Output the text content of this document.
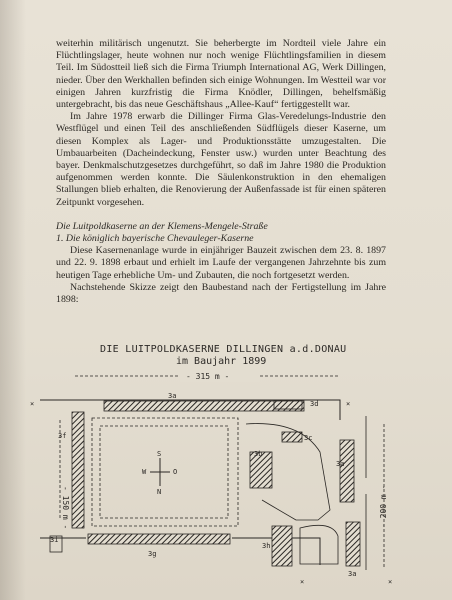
weiterhin militärisch ungenutzt. Sie beherbergte im Nordteil viele Jahre ein Flüchtlingslager, heute wohnen nur noch wenige Flüchtlingsfamilien in diesem Teil. Im Südostteil ließ sich die Firma Triumph International AG, Werk Dillingen, nieder. Über den Werkhallen befinden sich einige Wohnungen. Im Westteil war vor einigen Jahren kurzfristig die Firma Knödler, Dillingen, behelfsmäßig untergebracht, bis das neue Geschäftshaus „Allee-Kauf“ fertiggestellt war.

Im Jahre 1978 erwarb die Dillinger Firma Glas-Veredelungs-Industrie den Westflügel und einen Teil des anschließenden Südflügels dieser Kaserne, um diesen Komplex als Lager- und Produktionsstätte umzugestalten. Die Umbauarbeiten (Dacheindeckung, Fenster usw.) wurden unter Beachtung des bayer. Denkmalschutzgesetzes durchgeführt, so daß im Jahre 1980 die Produktion aufgenommen werden konnte. Die Säulenkonstruktion in den ehemaligen Stallungen blieb erhalten, die Renovierung der Außenfassade ist für einen späteren Zeitpunkt vorgesehen.

Die Luitpoldkaserne an der Klemens-Mengele-Straße

1. Die königlich bayerische Chevauleger-Kaserne

Diese Kasernenanlage wurde in einjähriger Bauzeit zwischen dem 23. 8. 1897 und 22. 9. 1898 erbaut und erhielt im Laufe der vergangenen Jahrzehnte bis zum heutigen Tage erhebliche Um- und Zubauten, die noch fortgesetzt werden.

Nachstehende Skizze zeigt den Baubestand nach der Fertigstellung im Jahre 1898:

DIE LUITPOLDKASERNE DILLINGEN a.d.DONAU
im Baujahr 1899
- 315 m -
×	×
S
N
W	O
- 150 m -	- 200 m -
3a
3d
3f
3b
3c
3a
3i
3g
3h
3a
×	×
